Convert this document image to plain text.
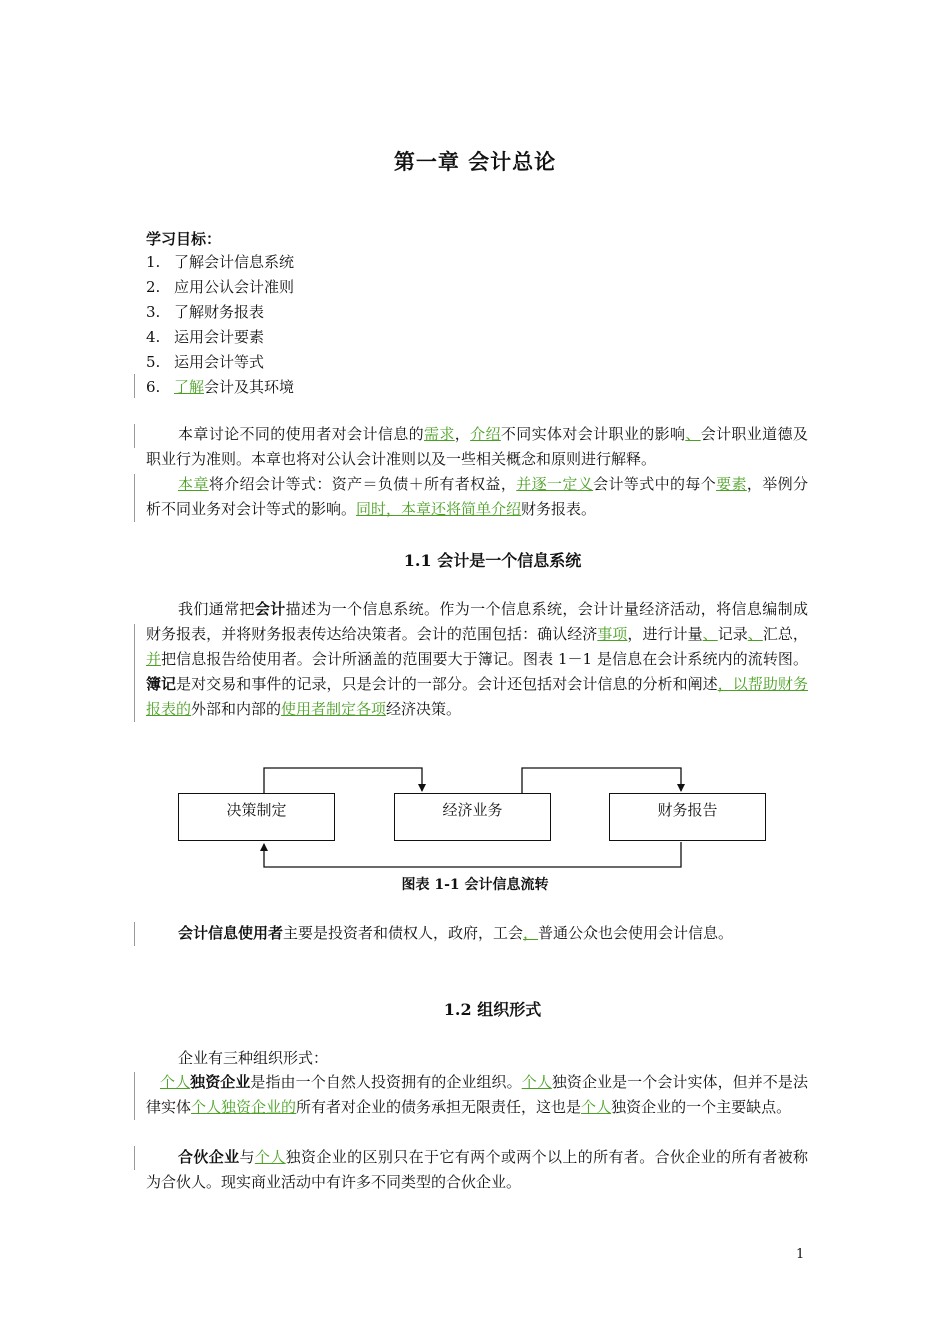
第一章 会计总论
学习目标：
1. 了解会计信息系统
2. 应用公认会计准则
3. 了解财务报表
4. 运用会计要素
5. 运用会计等式
6. 了解会计及其环境
本章讨论不同的使用者对会计信息的需求，介绍不同实体对会计职业的影响、会计职业道德及职业行为准则。本章也将对公认会计准则以及一些相关概念和原则进行解释。
本章将介绍会计等式：资产＝负债＋所有者权益，并逐一定义会计等式中的每个要素，举例分析不同业务对会计等式的影响。同时，本章还将简单介绍财务报表。
1.1 会计是一个信息系统
我们通常把会计描述为一个信息系统。作为一个信息系统，会计计量经济活动，将信息编制成财务报表，并将财务报表传达给决策者。会计的范围包括：确认经济事项，进行计量、记录、汇总，并把信息报告给使用者。会计所涵盖的范围要大于簿记。图表 1－1 是信息在会计系统内的流转图。簿记是对交易和事件的记录，只是会计的一部分。会计还包括对会计信息的分析和阐述，以帮助财务报表的外部和内部的使用者制定各项经济决策。
决策制定	经济业务	财务报告
图表 1-1 会计信息流转
会计信息使用者主要是投资者和债权人，政府，工会，普通公众也会使用会计信息。
1.2 组织形式
企业有三种组织形式：
个人独资企业是指由一个自然人投资拥有的企业组织。个人独资企业是一个会计实体，但并不是法律实体个人独资企业的所有者对企业的债务承担无限责任，这也是个人独资企业的一个主要缺点。
合伙企业与个人独资企业的区别只在于它有两个或两个以上的所有者。合伙企业的所有者被称为合伙人。现实商业活动中有许多不同类型的合伙企业。
1
